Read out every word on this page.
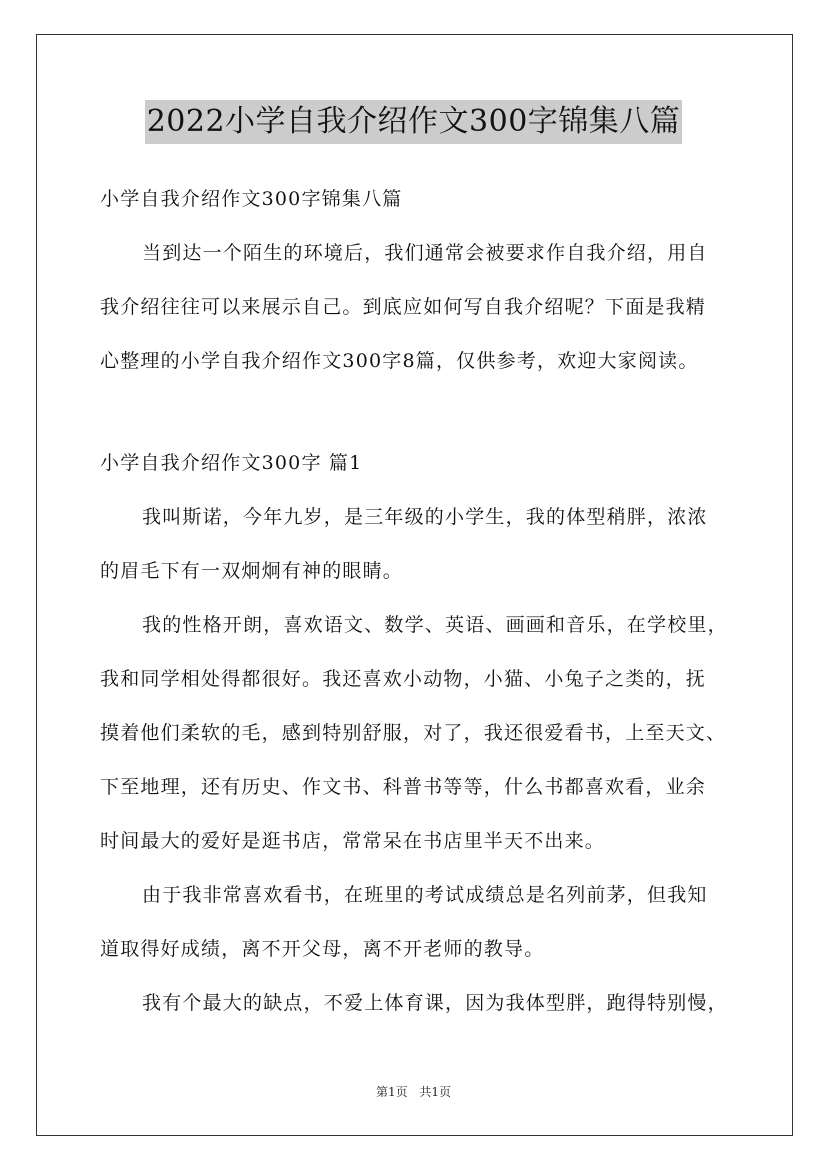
2022小学自我介绍作文300字锦集八篇
小学自我介绍作文300字锦集八篇
当到达一个陌生的环境后，我们通常会被要求作自我介绍，用自
我介绍往往可以来展示自己。到底应如何写自我介绍呢？下面是我精
心整理的小学自我介绍作文300字8篇，仅供参考，欢迎大家阅读。
小学自我介绍作文300字 篇1
我叫斯诺，今年九岁，是三年级的小学生，我的体型稍胖，浓浓
的眉毛下有一双炯炯有神的眼睛。
我的性格开朗，喜欢语文、数学、英语、画画和音乐，在学校里，
我和同学相处得都很好。我还喜欢小动物，小猫、小兔子之类的，抚
摸着他们柔软的毛，感到特别舒服，对了，我还很爱看书，上至天文、
下至地理，还有历史、作文书、科普书等等，什么书都喜欢看，业余
时间最大的爱好是逛书店，常常呆在书店里半天不出来。
由于我非常喜欢看书，在班里的考试成绩总是名列前茅，但我知
道取得好成绩，离不开父母，离不开老师的教导。
我有个最大的缺点，不爱上体育课，因为我体型胖，跑得特别慢，
第1页 共1页
